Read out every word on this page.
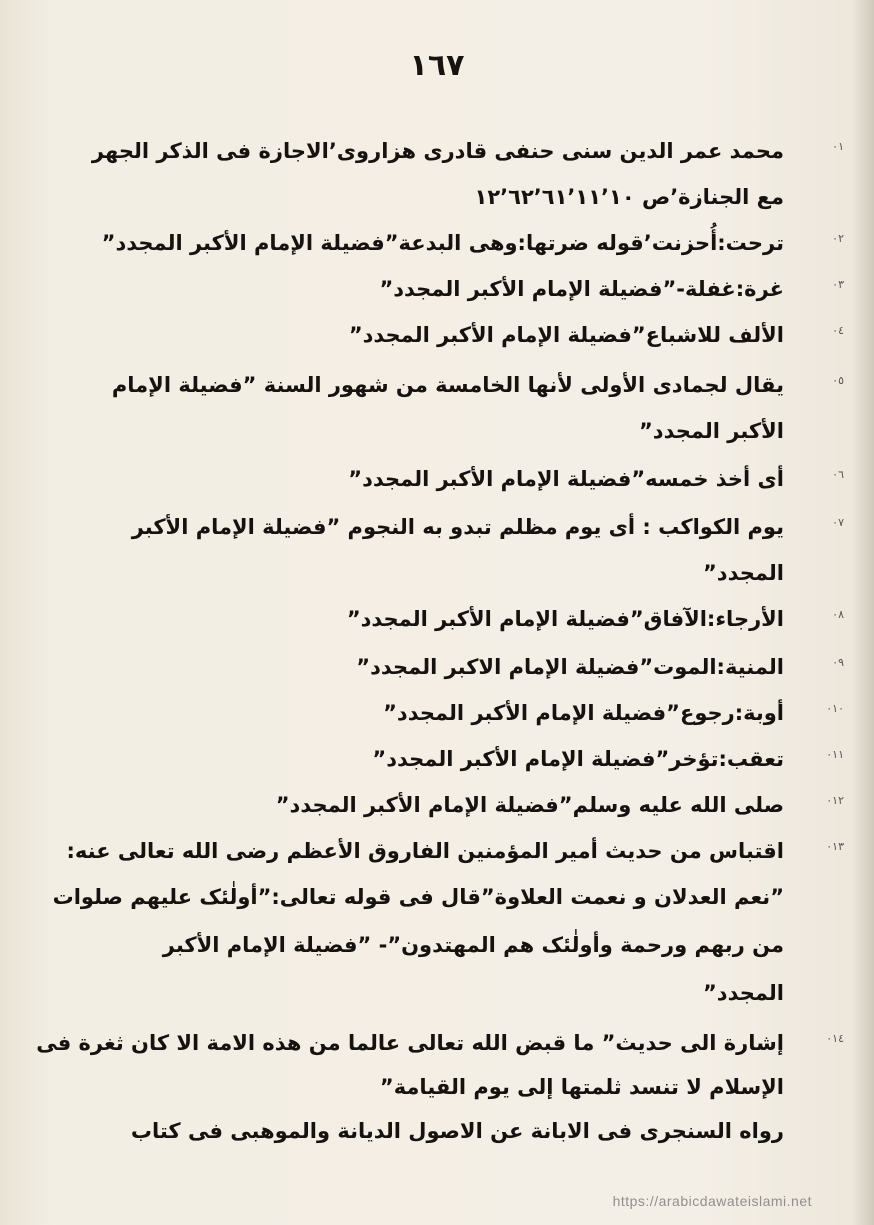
١٦٧
٠١
محمد عمر الدين سنی حنفی قادری هزاروی’الاجازة فی الذکر الجهر
مع الجنازة’ص ١٠’١١’٦١’٦٢’١٢
٠٢
ترحت:أُحزنت’قوله ضرتها:وهی البدعة”فضیلة الإمام الأکبر المجدد”
٠٣
غرة:غفلة-”فضیلة الإمام الأکبر المجدد”
٠٤
الألف للاشباع”فضیلة الإمام الأکبر المجدد”
٠٥
یقال لجمادی الأولی لأنها الخامسة من شهور السنة ”فضیلة الإمام
الأکبر المجدد”
٠٦
أی أخذ خمسه”فضیلة الإمام الأکبر المجدد”
٠٧
یوم الکواکب : أی یوم مظلم تبدو به النجوم ”فضیلة الإمام الأکبر
المجدد”
٠٨
الأرجاء:الآفاق”فضیلة الإمام الأکبر المجدد”
٠٩
المنیة:الموت”فضیلة الإمام الاکبر المجدد”
٠١٠
أوبة:رجوع”فضیلة الإمام الأکبر المجدد”
٠١١
تعقب:تؤخر”فضیلة الإمام الأکبر المجدد”
٠١٢
صلی الله علیه وسلم”فضیلة الإمام الأکبر المجدد”
٠١٣
اقتباس من حدیث أمیر المؤمنین الفاروق الأعظم رضی الله تعالی عنه:
”نعم العدلان و نعمت العلاوة”قال فی قوله تعالی:”أولٰئک علیهم صلوات
من ربهم ورحمة وأولٰئک هم المهتدون”- ”فضیلة الإمام الأکبر
المجدد”
٠١٤
إشارة الی حدیث” ما قبض الله تعالی عالما من هذه الامة الا کان ثغرة فی
الإسلام لا تنسد ثلمتها إلی یوم القیامة”
رواه السنجری فی الابانة عن الاصول الدیانة والموهبی فی کتاب
https://arabicdawateislami.net
